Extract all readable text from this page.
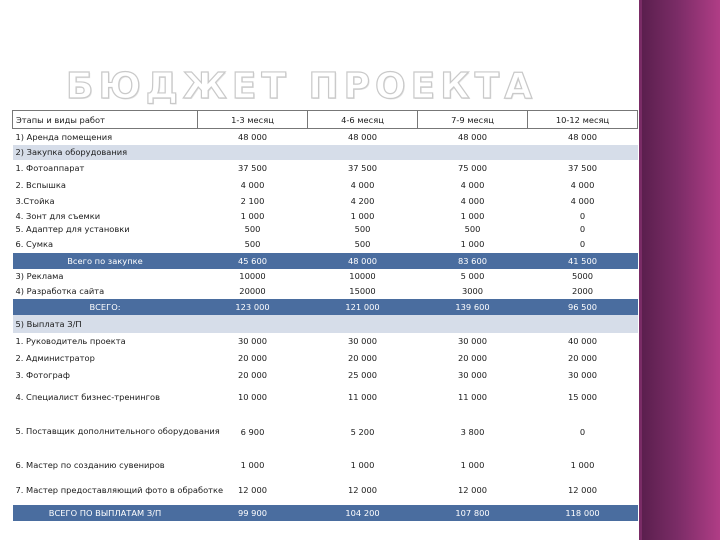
БЮДЖЕТ ПРОЕКТА
Этапы и виды работ	1-3 месяц	4-6 месяц	7-9 месяц	10-12 месяц
1) Аренда помещения	48 000	48 000	48 000	48 000
2) Закупка оборудования				
1. Фотоаппарат	37 500	37 500	75 000	37 500
2. Вспышка	4 000	4 000	4 000	4 000
3.Стойка	2 100	4 200	4 000	4 000
4. Зонт для съемки	1 000	1 000	1 000	0
5. Адаптер для установки	500	500	500	0
6. Сумка	500	500	1 000	0
Всего по закупке	45 600	48 000	83 600	41 500
3) Реклама	10000	10000	5 000	5000
4) Разработка сайта	20000	15000	3000	2000
ВСЕГО:	123 000	121 000	139 600	96 500
5) Выплата З/П				
1. Руководитель проекта	30 000	30 000	30 000	40 000
2. Администратор	20 000	20 000	20 000	20 000
3. Фотограф	20 000	25 000	30 000	30 000
4. Специалист бизнес-тренингов	10 000	11 000	11 000	15 000
5. Поставщик дополнительного оборудования	6 900	5 200	3 800	0
6. Мастер по созданию сувениров	1 000	1 000	1 000	1 000
7. Мастер предоставляющий фото в обработке	12 000	12 000	12 000	12 000
ВСЕГО ПО ВЫПЛАТАМ З/П	99 900	104 200	107 800	118 000
